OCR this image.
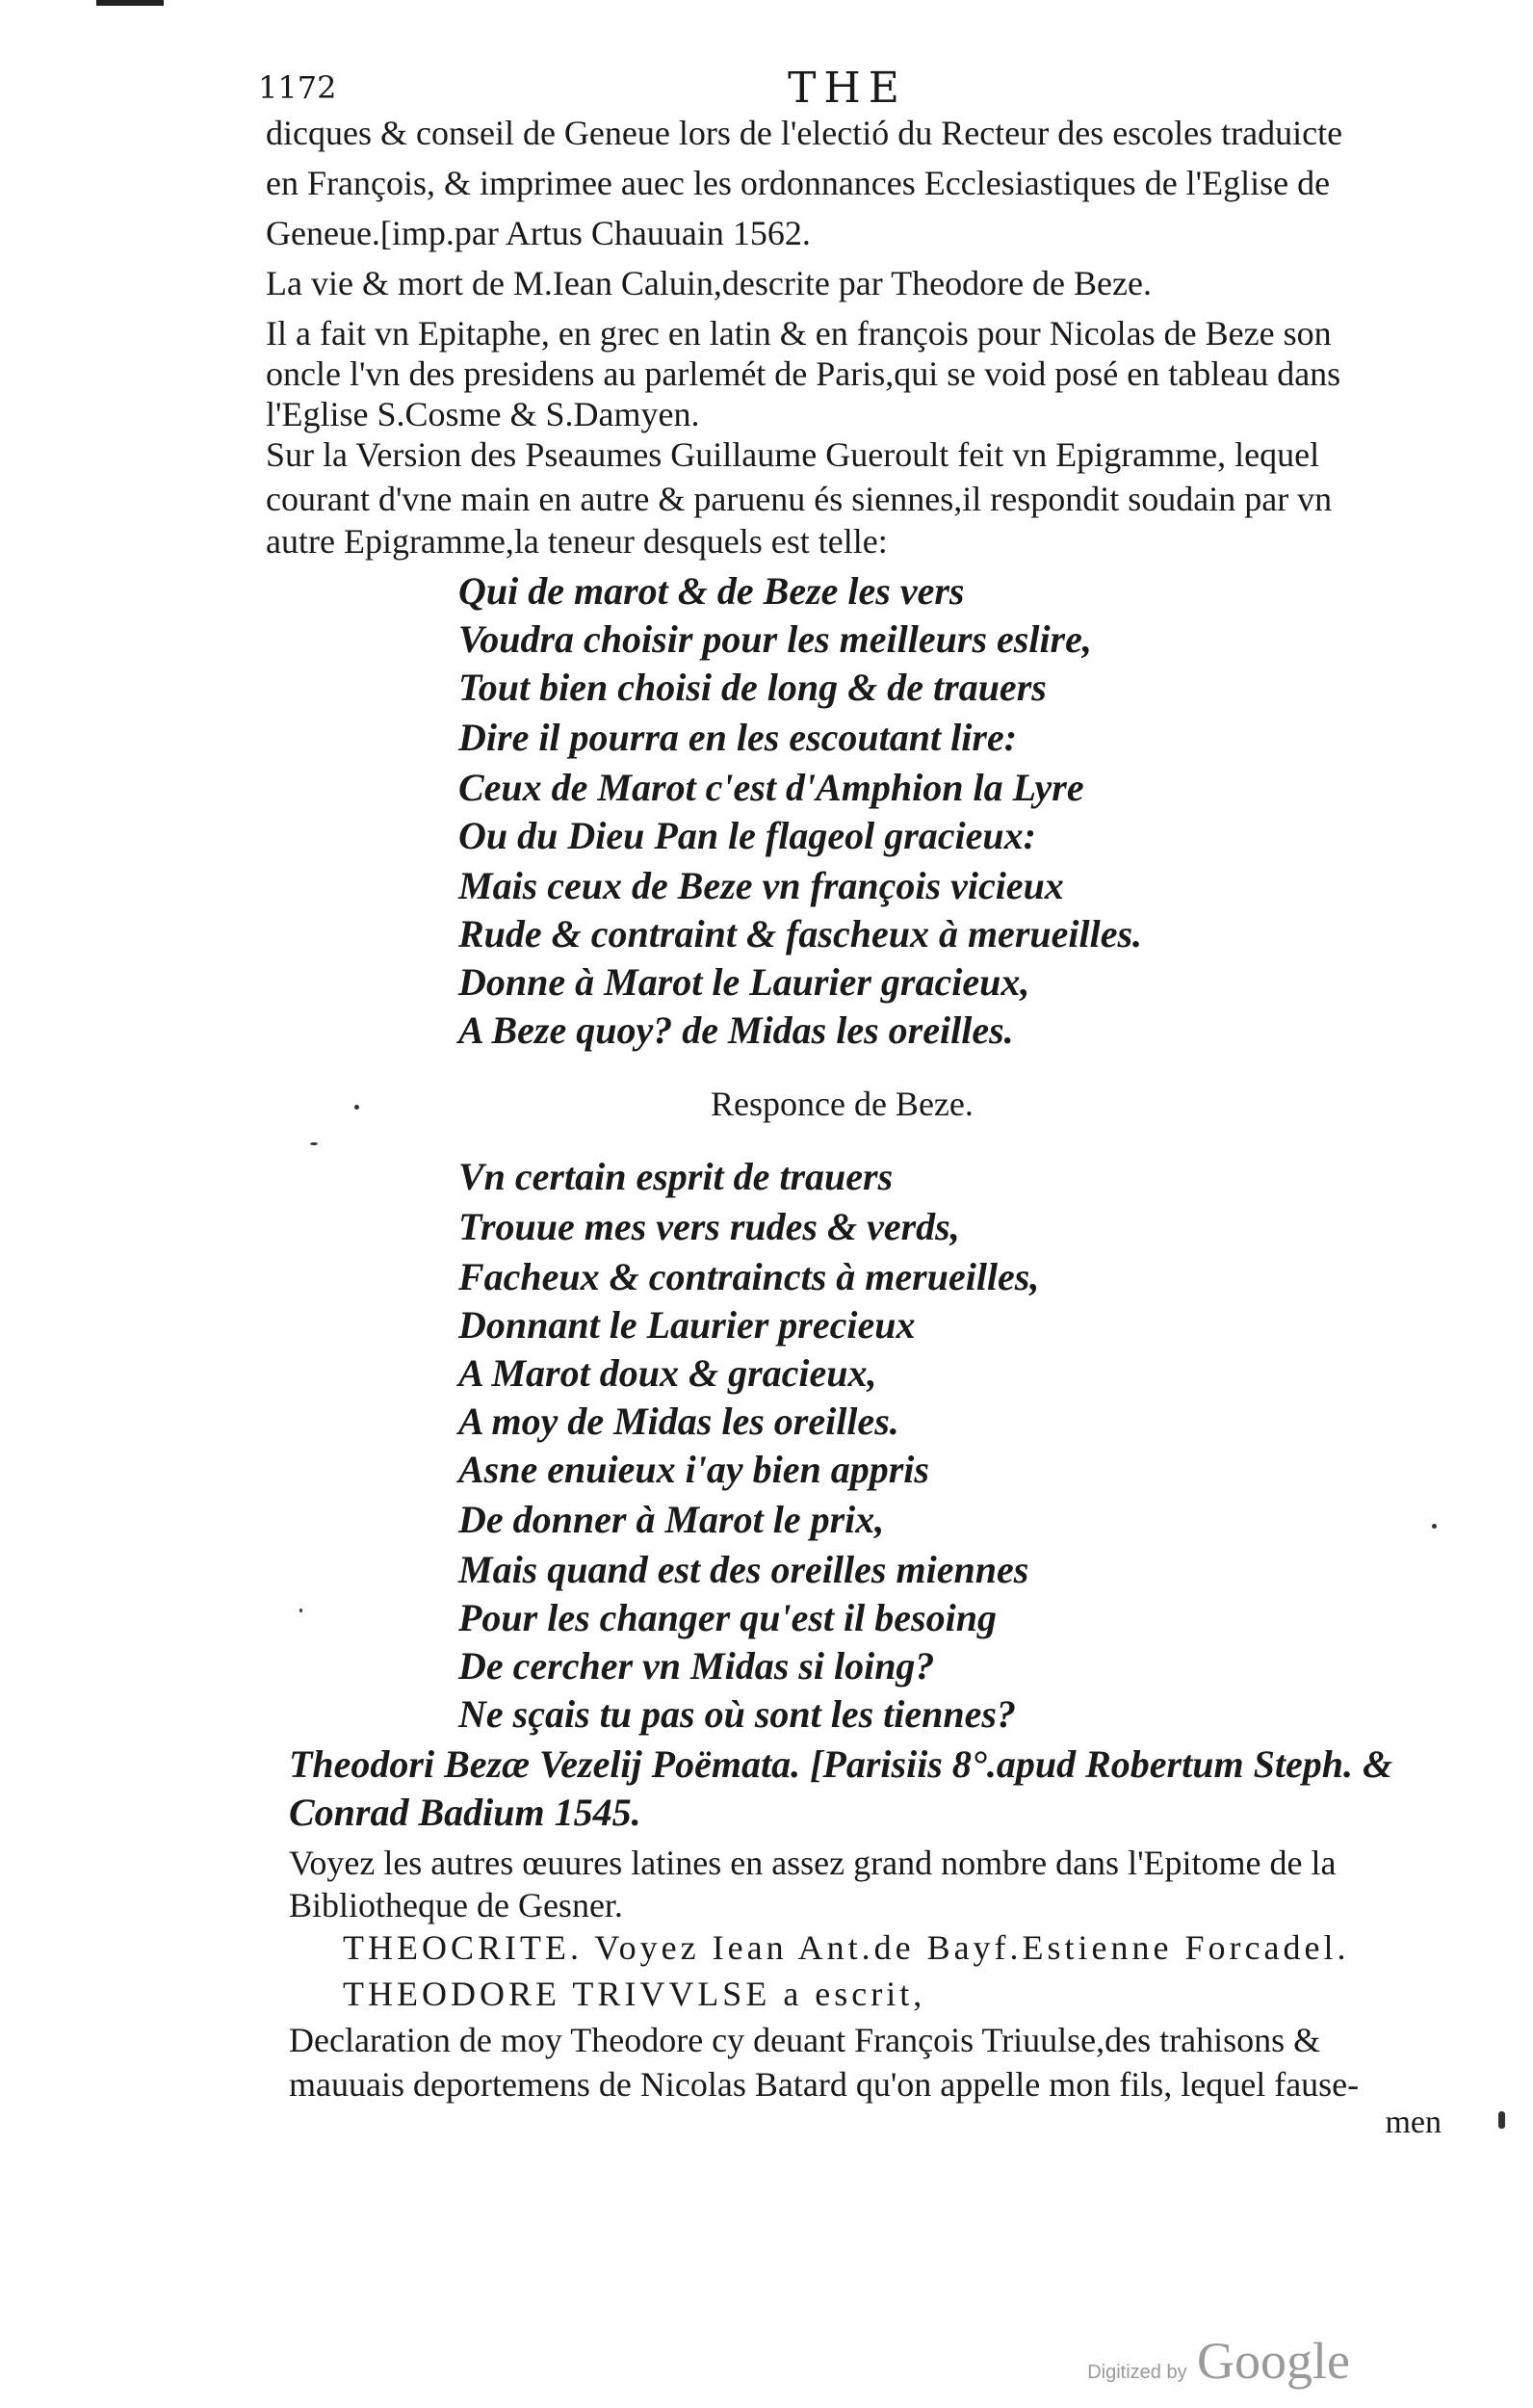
1172	THE
dicques & conseil de Geneue lors de l'electió du Recteur des escoles traduicte
en François, & imprimee auec les ordonnances Ecclesiastiques de l'Eglise de
Geneue.[imp.par Artus Chauuain 1562.
La vie & mort de M.Iean Caluin,descrite par Theodore de Beze.
Il a fait vn Epitaphe, en grec en latin & en françois pour Nicolas de Beze son
oncle l'vn des presidens au parlemét de Paris,qui se void posé en tableau dans
l'Eglise S.Cosme & S.Damyen.
Sur la Version des Pseaumes Guillaume Gueroult feit vn Epigramme, lequel
courant d'vne main en autre & paruenu és siennes,il respondit soudain par vn
autre Epigramme,la teneur desquels est telle:
Qui de marot & de Beze les vers
Voudra choisir pour les meilleurs eslire,
Tout bien choisi de long & de trauers
Dire il pourra en les escoutant lire:
Ceux de Marot c'est d'Amphion la Lyre
Ou du Dieu Pan le flageol gracieux:
Mais ceux de Beze vn françois vicieux
Rude & contraint & fascheux à merueilles.
Donne à Marot le Laurier gracieux,
A Beze quoy? de Midas les oreilles.
Responce de Beze.
Vn certain esprit de trauers
Trouue mes vers rudes & verds,
Facheux & contraincts à merueilles,
Donnant le Laurier precieux
A Marot doux & gracieux,
A moy de Midas les oreilles.
Asne enuieux i'ay bien appris
De donner à Marot le prix,
Mais quand est des oreilles miennes
Pour les changer qu'est il besoing
De cercher vn Midas si loing?
Ne sçais tu pas où sont les tiennes?
Theodori Bezæ Vezelij Poëmata. [Parisiis 8°.apud Robertum Steph. &
Conrad Badium 1545.
Voyez les autres œuures latines en assez grand nombre dans l'Epitome de la
Bibliotheque de Gesner.
THEOCRITE. Voyez Iean Ant.de Bayf.Estienne Forcadel.
THEODORE TRIVVLSE a escrit,
Declaration de moy Theodore cy deuant François Triuulse,des trahisons &
mauuais deportemens de Nicolas Batard qu'on appelle mon fils, lequel fause-
men
Digitized by Google
